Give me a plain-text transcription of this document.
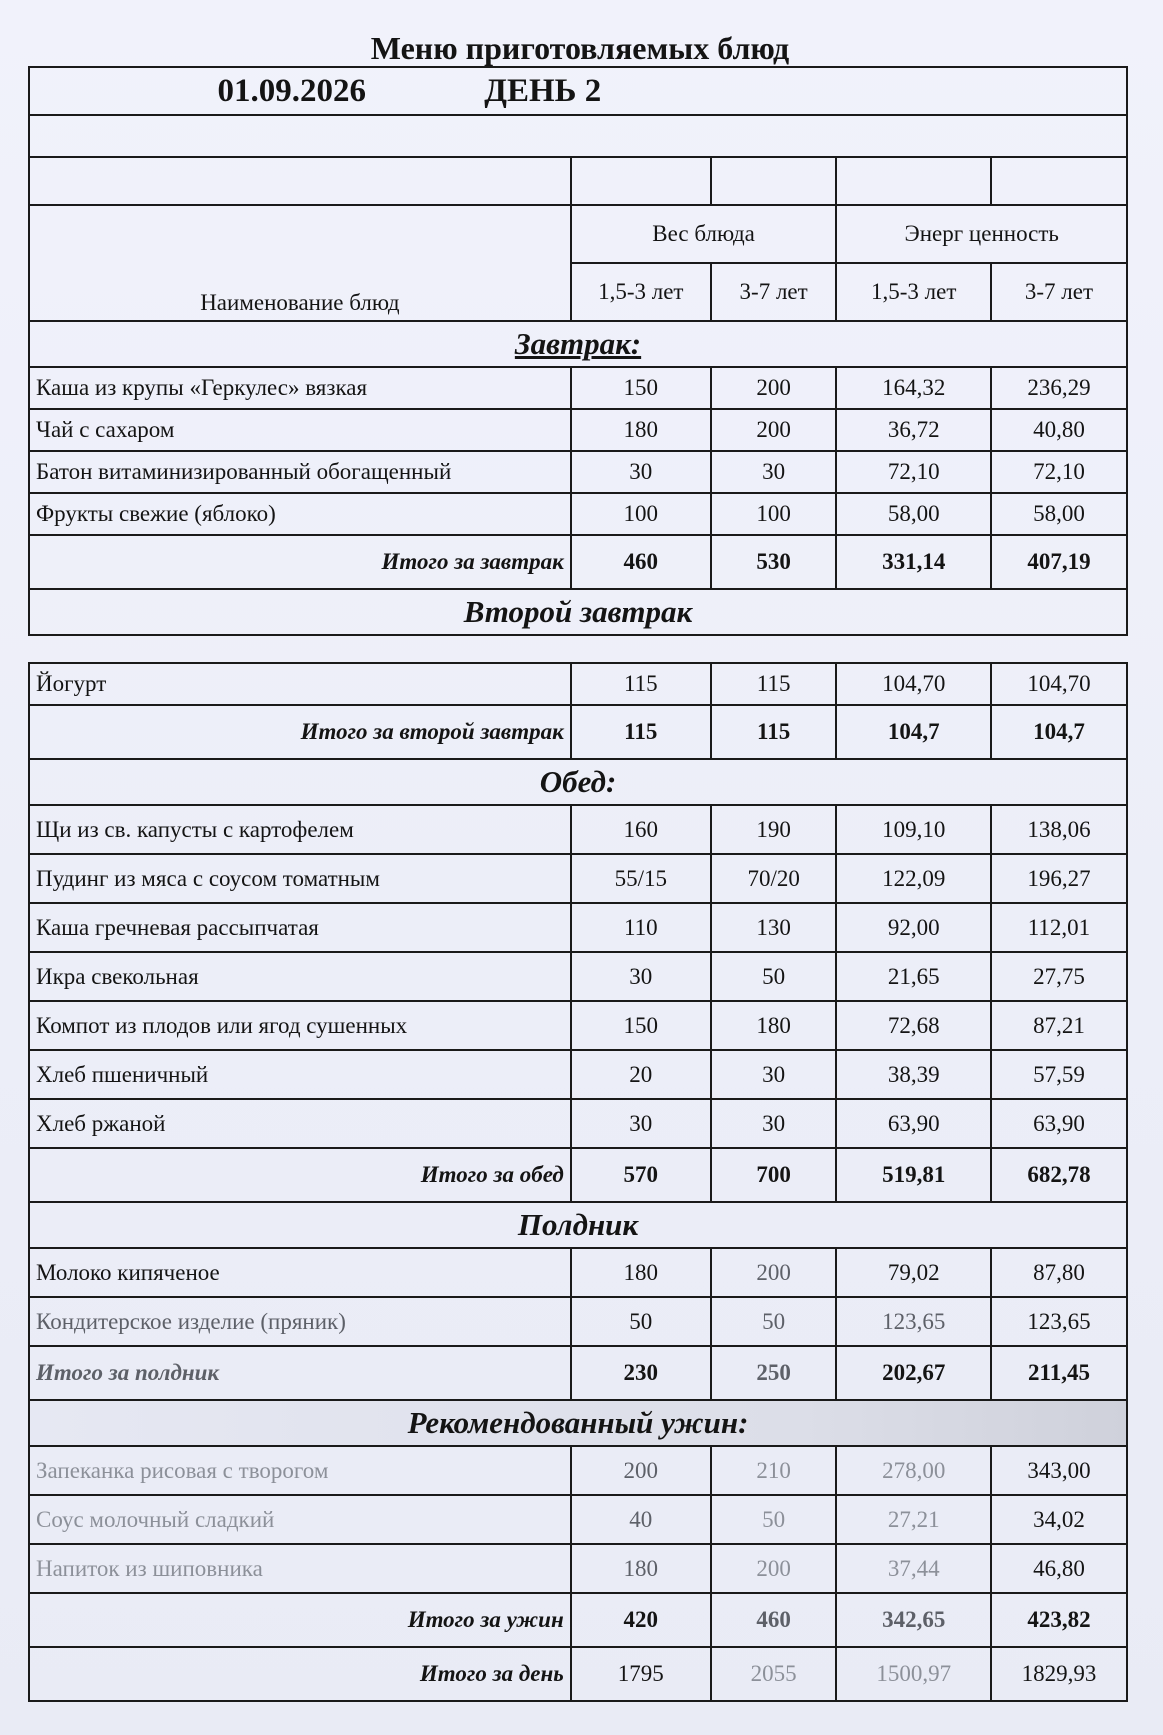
Меню приготовляемых блюд
01.09.2026 ДЕНЬ 2				

Наименование блюд	Вес блюда		Энерг ценность	
	1,5-3 лет	3-7 лет	1,5-3 лет	3-7 лет
Завтрак:				
Каша из крупы «Геркулес» вязкая	150	200	164,32	236,29
Чай с сахаром	180	200	36,72	40,80
Батон витаминизированный обогащенный	30	30	72,10	72,10
Фрукты свежие (яблоко)	100	100	58,00	58,00
Итого за завтрак	460	530	331,14	407,19
Второй завтрак				

Йогурт	115	115	104,70	104,70
Итого за второй завтрак	115	115	104,7	104,7
Обед:				
Щи из св. капусты с картофелем	160	190	109,10	138,06
Пудинг из мяса с соусом томатным	55/15	70/20	122,09	196,27
Каша гречневая рассыпчатая	110	130	92,00	112,01
Икра свекольная	30	50	21,65	27,75
Компот из плодов или ягод сушенных	150	180	72,68	87,21
Хлеб пшеничный	20	30	38,39	57,59
Хлеб ржаной	30	30	63,90	63,90
Итого за обед	570	700	519,81	682,78
Полдник				
Молоко кипяченое	180	200	79,02	87,80
Кондитерское изделие (пряник)	50	50	123,65	123,65
Итого за полдник	230	250	202,67	211,45
Рекомендованный ужин:				
Запеканка рисовая с творогом	200	210	278,00	343,00
Соус молочный сладкий	40	50	27,21	34,02
Напиток из шиповника	180	200	37,44	46,80
Итого за ужин	420	460	342,65	423,82
Итого за день	1795	2055	1500,97	1829,93
